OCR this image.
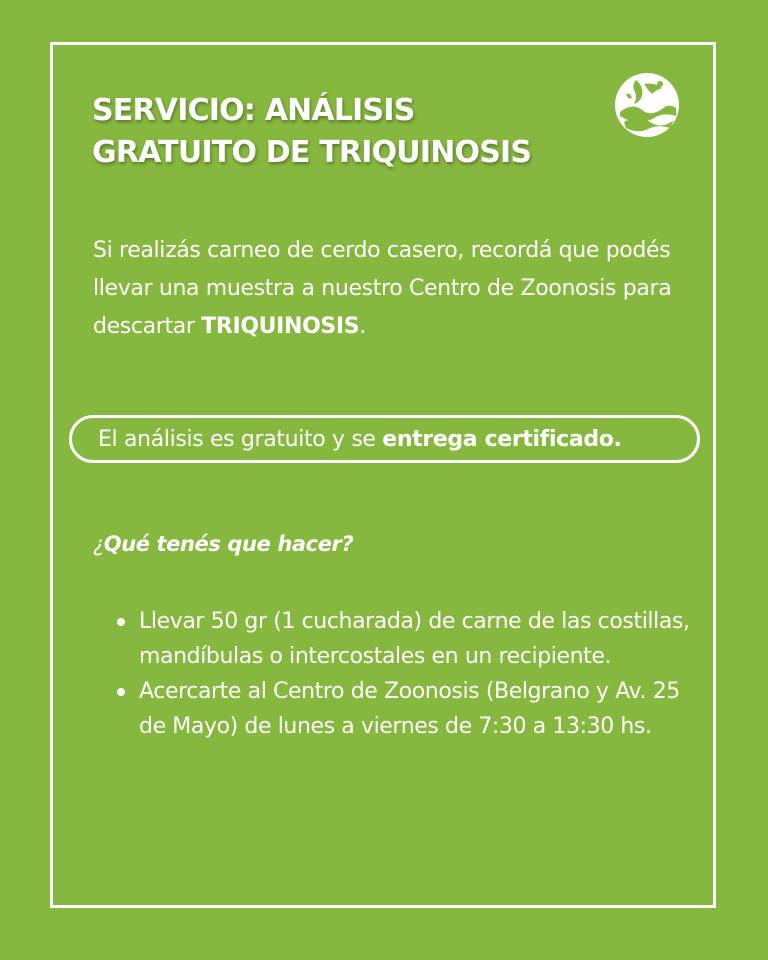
SERVICIO: ANÁLISIS
GRATUITO DE TRIQUINOSIS

Si realizás carneo de cerdo casero, recordá que podés llevar una muestra a nuestro Centro de Zoonosis para descartar TRIQUINOSIS.

El análisis es gratuito y se
entrega certificado.

¿Qué tenés que hacer?

Llevar 50 gr (1 cucharada) de carne de las costillas, mandíbulas o intercostales en un recipiente.
Acercarte al Centro de Zoonosis (Belgrano y Av. 25 de Mayo) de lunes a viernes de 7:30 a 13:30 hs.
